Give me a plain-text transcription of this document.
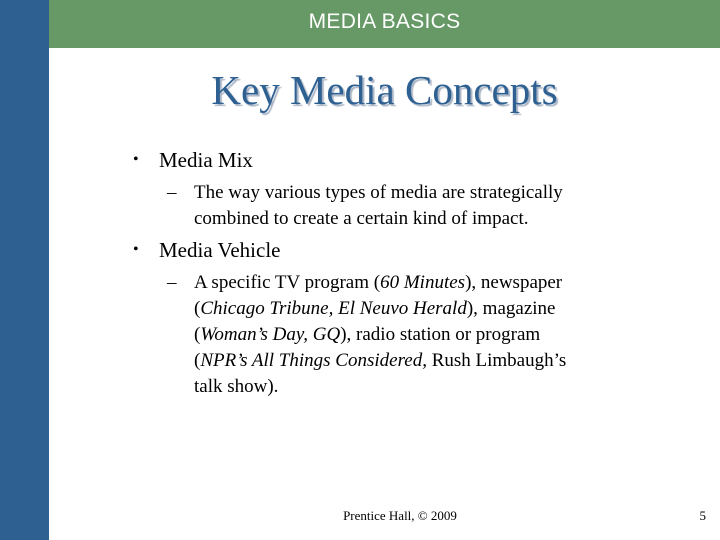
MEDIA BASICS
Key Media Concepts
• Media Mix
– The way various types of media are strategically
combined to create a certain kind of impact.
• Media Vehicle
– A specific TV program (60 Minutes), newspaper
(Chicago Tribune, El Neuvo Herald), magazine
(Woman’s Day, GQ), radio station or program
(NPR’s All Things Considered, Rush Limbaugh’s
talk show).
Prentice Hall, © 2009	5
